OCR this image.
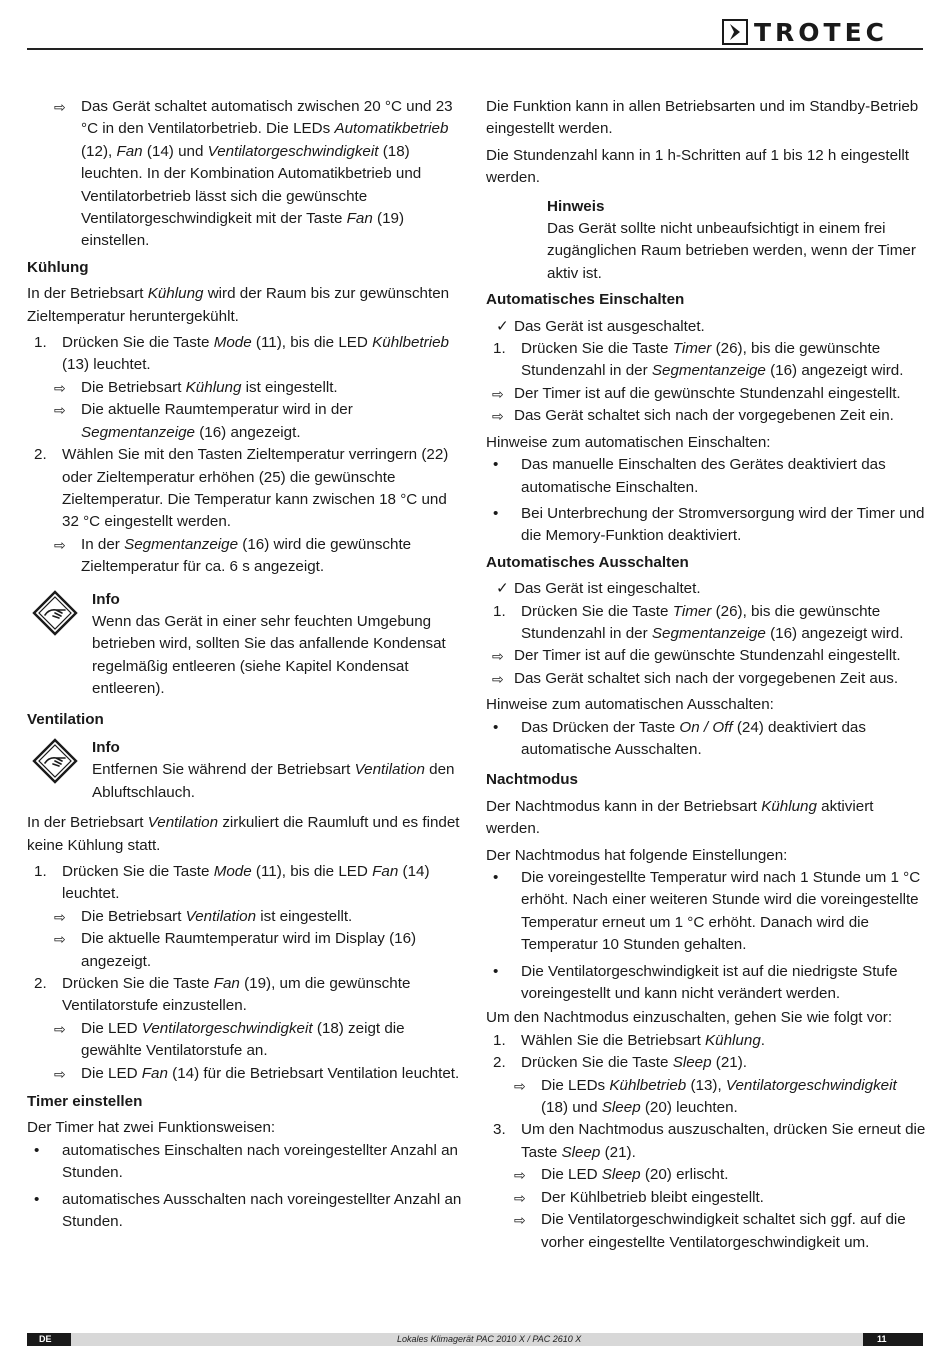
TROTEC
⇨	Das Gerät schaltet automatisch zwischen 20 °C und 23 °C in den Ventilatorbetrieb. Die LEDs Automatikbetrieb (12), Fan (14) und Ventilatorgeschwindigkeit (18) leuchten. In der Kombination Automatikbetrieb und Ventilatorbetrieb lässt sich die gewünschte Ventilatorgeschwindigkeit mit der Taste Fan (19) einstellen.
Kühlung
In der Betriebsart Kühlung wird der Raum bis zur gewünschten Zieltemperatur heruntergekühlt.
1.	Drücken Sie die Taste Mode (11), bis die LED Kühlbetrieb (13) leuchtet.
⇨	Die Betriebsart Kühlung ist eingestellt.
⇨	Die aktuelle Raumtemperatur wird in der Segmentanzeige (16) angezeigt.
2.	Wählen Sie mit den Tasten Zieltemperatur verringern (22) oder Zieltemperatur erhöhen (25) die gewünschte Zieltemperatur. Die Temperatur kann zwischen 18 °C und 32 °C eingestellt werden.
⇨	In der Segmentanzeige (16) wird die gewünschte Zieltemperatur für ca. 6 s angezeigt.
Info
Wenn das Gerät in einer sehr feuchten Umgebung betrieben wird, sollten Sie das anfallende Kondensat regelmäßig entleeren (siehe Kapitel Kondensat entleeren).
Ventilation
Info
Entfernen Sie während der Betriebsart Ventilation den Abluftschlauch.
In der Betriebsart Ventilation zirkuliert die Raumluft und es findet keine Kühlung statt.
1.	Drücken Sie die Taste Mode (11), bis die LED Fan (14) leuchtet.
⇨	Die Betriebsart Ventilation ist eingestellt.
⇨	Die aktuelle Raumtemperatur wird im Display (16) angezeigt.
2.	Drücken Sie die Taste Fan (19), um die gewünschte Ventilatorstufe einzustellen.
⇨	Die LED Ventilatorgeschwindigkeit (18) zeigt die gewählte Ventilatorstufe an.
⇨	Die LED Fan (14) für die Betriebsart Ventilation leuchtet.
Timer einstellen
Der Timer hat zwei Funktionsweisen:
•	automatisches Einschalten nach voreingestellter Anzahl an Stunden.
•	automatisches Ausschalten nach voreingestellter Anzahl an Stunden.
Die Funktion kann in allen Betriebsarten und im Standby-Betrieb eingestellt werden.
Die Stundenzahl kann in 1 h-Schritten auf 1 bis 12 h eingestellt werden.
Hinweis
Das Gerät sollte nicht unbeaufsichtigt in einem frei zugänglichen Raum betrieben werden, wenn der Timer aktiv ist.
Automatisches Einschalten
✓ Das Gerät ist ausgeschaltet.
1.	Drücken Sie die Taste Timer (26), bis die gewünschte Stundenzahl in der Segmentanzeige (16) angezeigt wird.
⇨ Der Timer ist auf die gewünschte Stundenzahl eingestellt.
⇨ Das Gerät schaltet sich nach der vorgegebenen Zeit ein.
Hinweise zum automatischen Einschalten:
•	Das manuelle Einschalten des Gerätes deaktiviert das automatische Einschalten.
•	Bei Unterbrechung der Stromversorgung wird der Timer und die Memory-Funktion deaktiviert.
Automatisches Ausschalten
✓ Das Gerät ist eingeschaltet.
1.	Drücken Sie die Taste Timer (26), bis die gewünschte Stundenzahl in der Segmentanzeige (16) angezeigt wird.
⇨ Der Timer ist auf die gewünschte Stundenzahl eingestellt.
⇨ Das Gerät schaltet sich nach der vorgegebenen Zeit aus.
Hinweise zum automatischen Ausschalten:
•	Das Drücken der Taste On / Off (24) deaktiviert das automatische Ausschalten.
Nachtmodus
Der Nachtmodus kann in der Betriebsart Kühlung aktiviert werden.
Der Nachtmodus hat folgende Einstellungen:
•	Die voreingestellte Temperatur wird nach 1 Stunde um 1 °C erhöht. Nach einer weiteren Stunde wird die voreingestellte Temperatur erneut um 1 °C erhöht. Danach wird die Temperatur 10 Stunden gehalten.
•	Die Ventilatorgeschwindigkeit ist auf die niedrigste Stufe voreingestellt und kann nicht verändert werden.
Um den Nachtmodus einzuschalten, gehen Sie wie folgt vor:
1.	Wählen Sie die Betriebsart Kühlung.
2.	Drücken Sie die Taste Sleep (21).
⇨	Die LEDs Kühlbetrieb (13), Ventilatorgeschwindigkeit (18) und Sleep (20) leuchten.
3.	Um den Nachtmodus auszuschalten, drücken Sie erneut die Taste Sleep (21).
⇨	Die LED Sleep (20) erlischt.
⇨	Der Kühlbetrieb bleibt eingestellt.
⇨	Die Ventilatorgeschwindigkeit schaltet sich ggf. auf die vorher eingestellte Ventilatorgeschwindigkeit um.
DE	Lokales Klimagerät PAC 2010 X / PAC 2610 X	11
